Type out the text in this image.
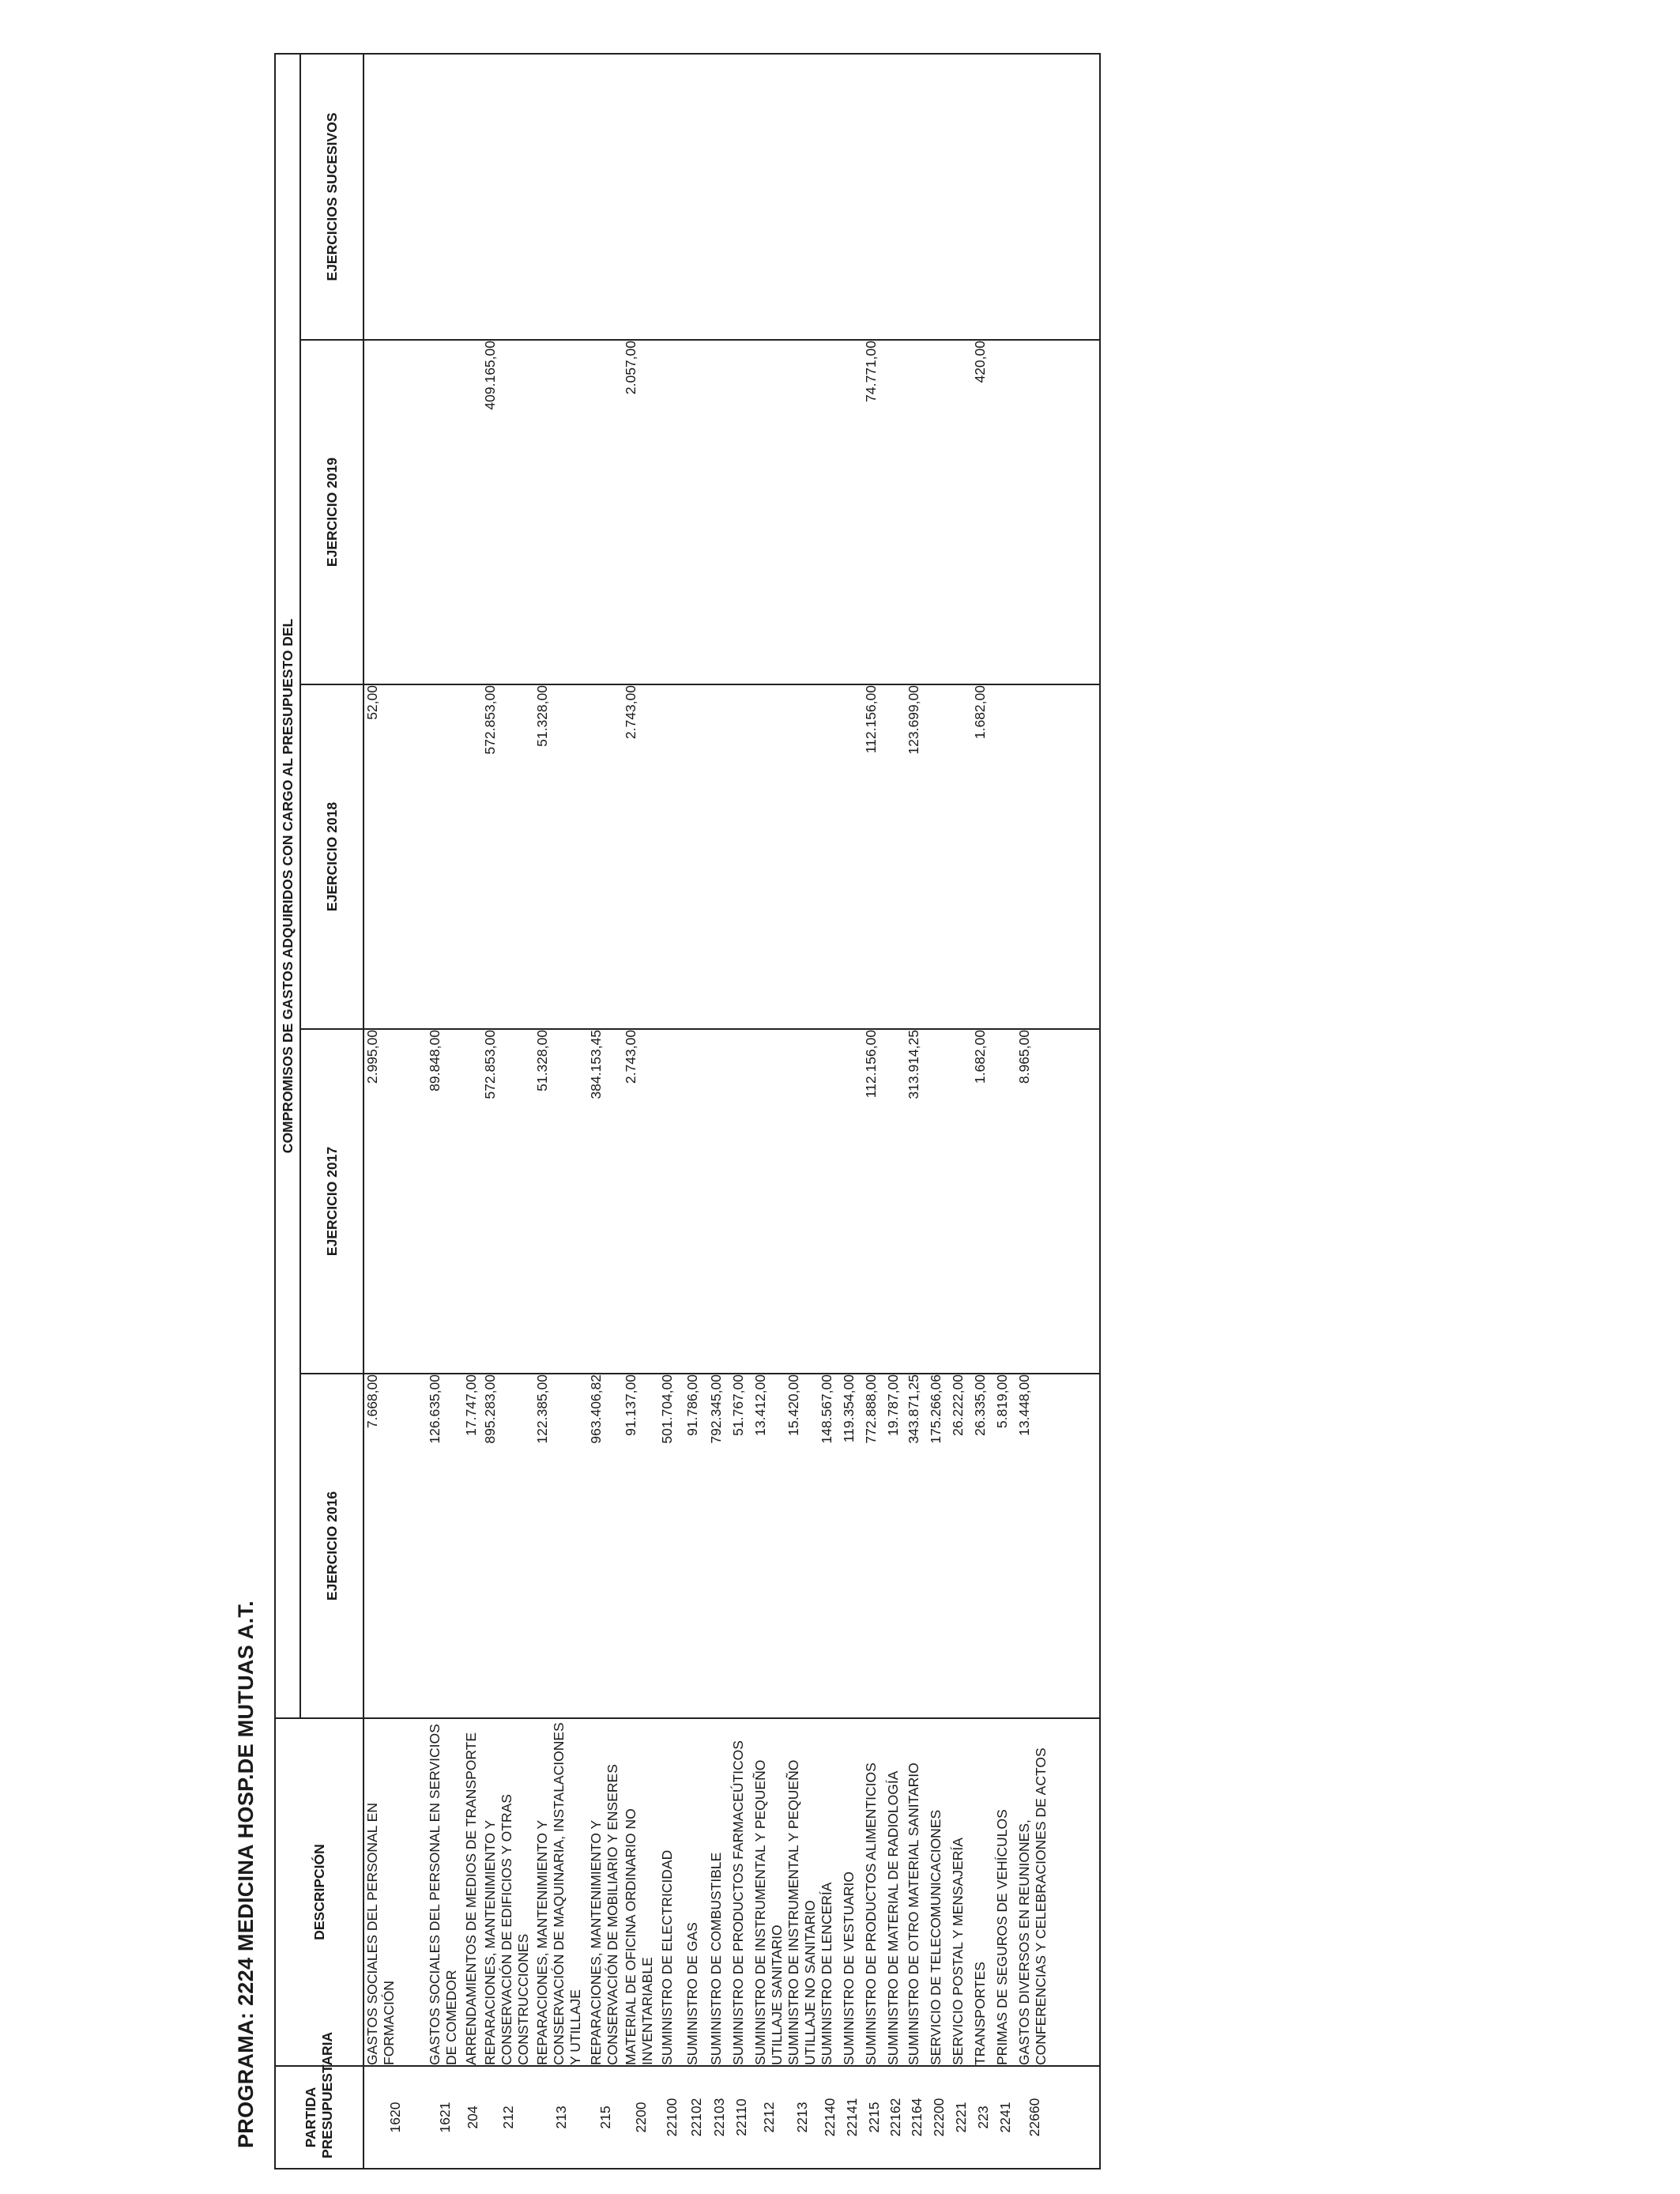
PROGRAMA: 2224 MEDICINA HOSP.DE MUTUAS A.T.	PARTIDA PRESUPUESTARIA	DESCRIPCIÓN	COMPROMISOS DE GASTOS ADQUIRIDOS CON CARGO AL PRESUPUESTO DEL				
		EJERCICIO 2016	EJERCICIO 2017	EJERCICIO 2018	EJERCICIO 2019	EJERCICIOS SUCESIVOS
1620	GASTOS SOCIALES DEL PERSONAL EN FORMACIÓN	7.668,00	2.995,00	52,00		
1621	GASTOS SOCIALES DEL PERSONAL EN SERVICIOS DE COMEDOR	126.635,00	89.848,00			
204	ARRENDAMIENTOS DE MEDIOS DE TRANSPORTE	17.747,00				
212	REPARACIONES, MANTENIMIENTO Y CONSERVACIÓN DE EDIFICIOS Y OTRAS CONSTRUCCIONES	895.283,00	572.853,00	572.853,00	409.165,00	
213	REPARACIONES, MANTENIMIENTO Y CONSERVACIÓN DE MAQUINARIA, INSTALACIONES Y UTILLAJE	122.385,00	51.328,00	51.328,00		
215	REPARACIONES, MANTENIMIENTO Y CONSERVACIÓN DE MOBILIARIO Y ENSERES	963.406,82	384.153,45			
2200	MATERIAL DE OFICINA ORDINARIO NO INVENTARIABLE	91.137,00	2.743,00	2.743,00	2.057,00	
22100	SUMINISTRO DE ELECTRICIDAD	501.704,00				
22102	SUMINISTRO DE GAS	91.786,00				
22103	SUMINISTRO DE COMBUSTIBLE	792.345,00				
22110	SUMINISTRO DE PRODUCTOS FARMACEÚTICOS	51.767,00				
2212	SUMINISTRO DE INSTRUMENTAL Y PEQUEÑO UTILLAJE SANITARIO	13.412,00				
2213	SUMINISTRO DE INSTRUMENTAL Y PEQUEÑO UTILLAJE NO SANITARIO	15.420,00				
22140	SUMINISTRO DE LENCERÍA	148.567,00				
22141	SUMINISTRO DE VESTUARIO	119.354,00				
2215	SUMINISTRO DE PRODUCTOS ALIMENTICIOS	772.888,00	112.156,00	112.156,00	74.771,00	
22162	SUMINISTRO DE MATERIAL DE RADIOLOGÍA	19.787,00				
22164	SUMINISTRO DE OTRO MATERIAL SANITARIO	343.871,25	313.914,25	123.699,00		
22200	SERVICIO DE TELECOMUNICACIONES	175.266,06				
2221	SERVICIO POSTAL Y MENSAJERÍA	26.222,00				
223	TRANSPORTES	26.335,00	1.682,00	1.682,00	420,00	
2241	PRIMAS DE SEGUROS DE VEHÍCULOS	5.819,00				
22660	GASTOS DIVERSOS EN REUNIONES, CONFERENCIAS Y CELEBRACIONES DE ACTOS	13.448,00	8.965,00			
